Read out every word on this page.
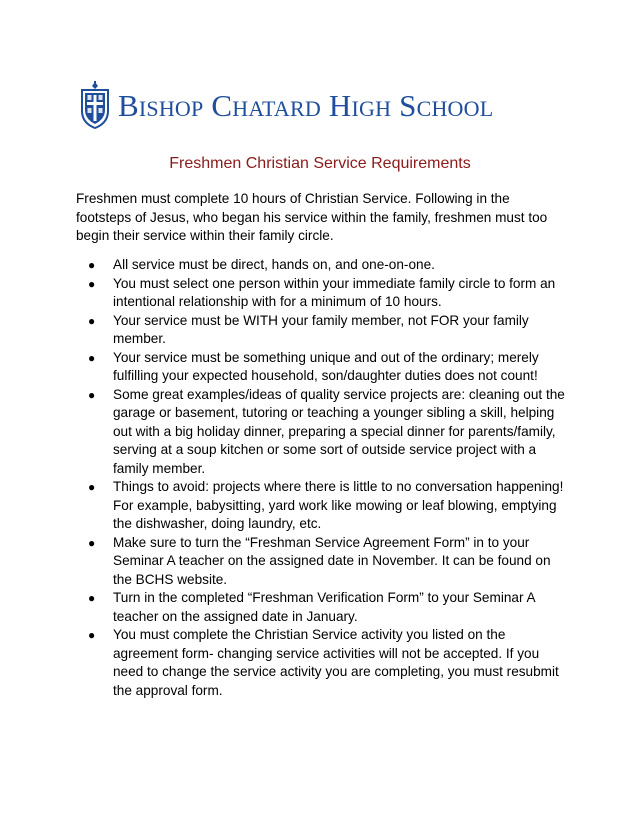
Bishop Chatard High School
Freshmen Christian Service Requirements

Freshmen must complete 10 hours of Christian Service. Following in the footsteps of Jesus, who began his service within the family, freshmen must too begin their service within their family circle.

● All service must be direct, hands on, and one-on-one.
● You must select one person within your immediate family circle to form an intentional relationship with for a minimum of 10 hours.
● Your service must be WITH your family member, not FOR your family member.
● Your service must be something unique and out of the ordinary; merely fulfilling your expected household, son/daughter duties does not count!
● Some great examples/ideas of quality service projects are: cleaning out the garage or basement, tutoring or teaching a younger sibling a skill, helping out with a big holiday dinner, preparing a special dinner for parents/family, serving at a soup kitchen or some sort of outside service project with a family member.
● Things to avoid: projects where there is little to no conversation happening! For example, babysitting, yard work like mowing or leaf blowing, emptying the dishwasher, doing laundry, etc.
● Make sure to turn the “Freshman Service Agreement Form” in to your Seminar A teacher on the assigned date in November. It can be found on the BCHS website.
● Turn in the completed “Freshman Verification Form” to your Seminar A teacher on the assigned date in January.
● You must complete the Christian Service activity you listed on the agreement form- changing service activities will not be accepted. If you need to change the service activity you are completing, you must resubmit the approval form.
